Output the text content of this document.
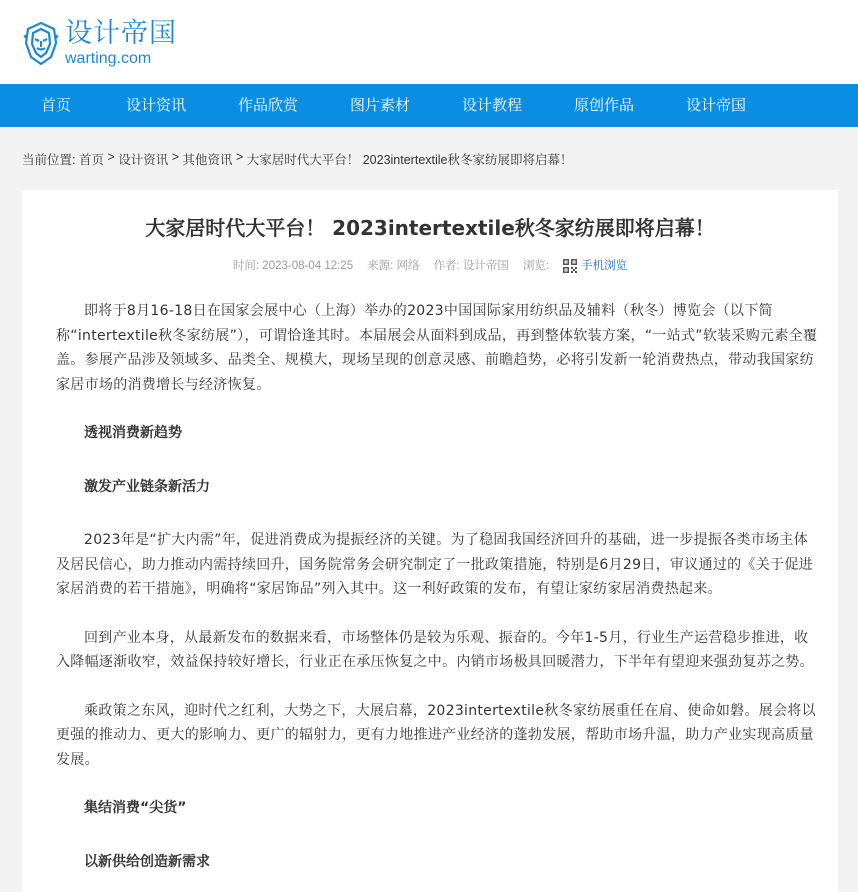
设计帝国
warting.com
首页	设计资讯	作品欣赏	图片素材	设计教程	原创作品	设计帝国
当前位置: 首页 > 设计资讯 > 其他资讯 > 大家居时代大平台！ 2023intertextile秋冬家纺展即将启幕！
大家居时代大平台！ 2023intertextile秋冬家纺展即将启幕！
时间: 2023-08-04 12:25 来源: 网络 作者: 设计帝国 浏览:	手机浏览

即将于8月16-18日在国家会展中心（上海）举办的2023中国国际家用纺织品及辅料（秋冬）博览会（以下简称“intertextile秋冬家纺展”），可谓恰逢其时。本届展会从面料到成品，再到整体软装方案，“一站式”软装采购元素全覆盖。参展产品涉及领域多、品类全、规模大，现场呈现的创意灵感、前瞻趋势，必将引发新一轮消费热点，带动我国家纺家居市场的消费增长与经济恢复。

透视消费新趋势

激发产业链条新活力

2023年是“扩大内需”年，促进消费成为提振经济的关键。为了稳固我国经济回升的基础，进一步提振各类市场主体及居民信心，助力推动内需持续回升，国务院常务会研究制定了一批政策措施，特别是6月29日，审议通过的《关于促进家居消费的若干措施》，明确将“家居饰品”列入其中。这一利好政策的发布，有望让家纺家居消费热起来。

回到产业本身，从最新发布的数据来看，市场整体仍是较为乐观、振奋的。今年1-5月，行业生产运营稳步推进，收入降幅逐渐收窄，效益保持较好增长，行业正在承压恢复之中。内销市场极具回暖潜力，下半年有望迎来强劲复苏之势。

乘政策之东风，迎时代之红利，大势之下，大展启幕，2023intertextile秋冬家纺展重任在肩、使命如磐。展会将以更强的推动力、更大的影响力、更广的辐射力，更有力地推进产业经济的蓬勃发展，帮助市场升温，助力产业实现高质量发展。

集结消费“尖货”

以新供给创造新需求
